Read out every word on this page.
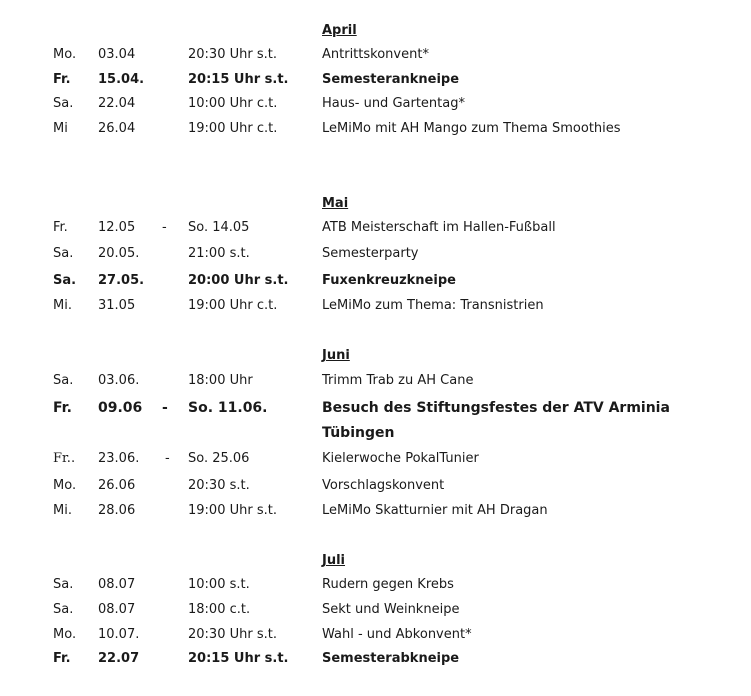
April
Mo. 03.04	20:30 Uhr s.t.	Antrittskonvent*
Fr. 15.04.	20:15 Uhr s.t.	Semesterankneipe
Sa. 22.04	10:00 Uhr c.t.	Haus- und Gartentag*
Mi 26.04	19:00 Uhr c.t.	LeMiMo mit AH Mango zum Thema Smoothies
Mai
Fr. 12.05 - So. 14.05	ATB Meisterschaft im Hallen-Fußball
Sa. 20.05.	21:00 s.t.	Semesterparty
Sa. 27.05.	20:00 Uhr s.t.	Fuxenkreuzkneipe
Mi. 31.05	19:00 Uhr c.t.	LeMiMo zum Thema: Transnistrien
Juni
Sa. 03.06.	18:00 Uhr	Trimm Trab zu AH Cane
Fr. 09.06 - So. 11.06.	Besuch des Stiftungsfestes der ATV Arminia
Tübingen
Fr.. 23.06. - So. 25.06	Kielerwoche PokalTunier
Mo. 26.06	20:30 s.t.	Vorschlagskonvent
Mi. 28.06	19:00 Uhr s.t.	LeMiMo Skatturnier mit AH Dragan
Juli
Sa. 08.07	10:00 s.t.	Rudern gegen Krebs
Sa. 08.07	18:00 c.t.	Sekt und Weinkneipe
Mo. 10.07.	20:30 Uhr s.t.	Wahl - und Abkonvent*
Fr. 22.07	20:15 Uhr s.t.	Semesterabkneipe
